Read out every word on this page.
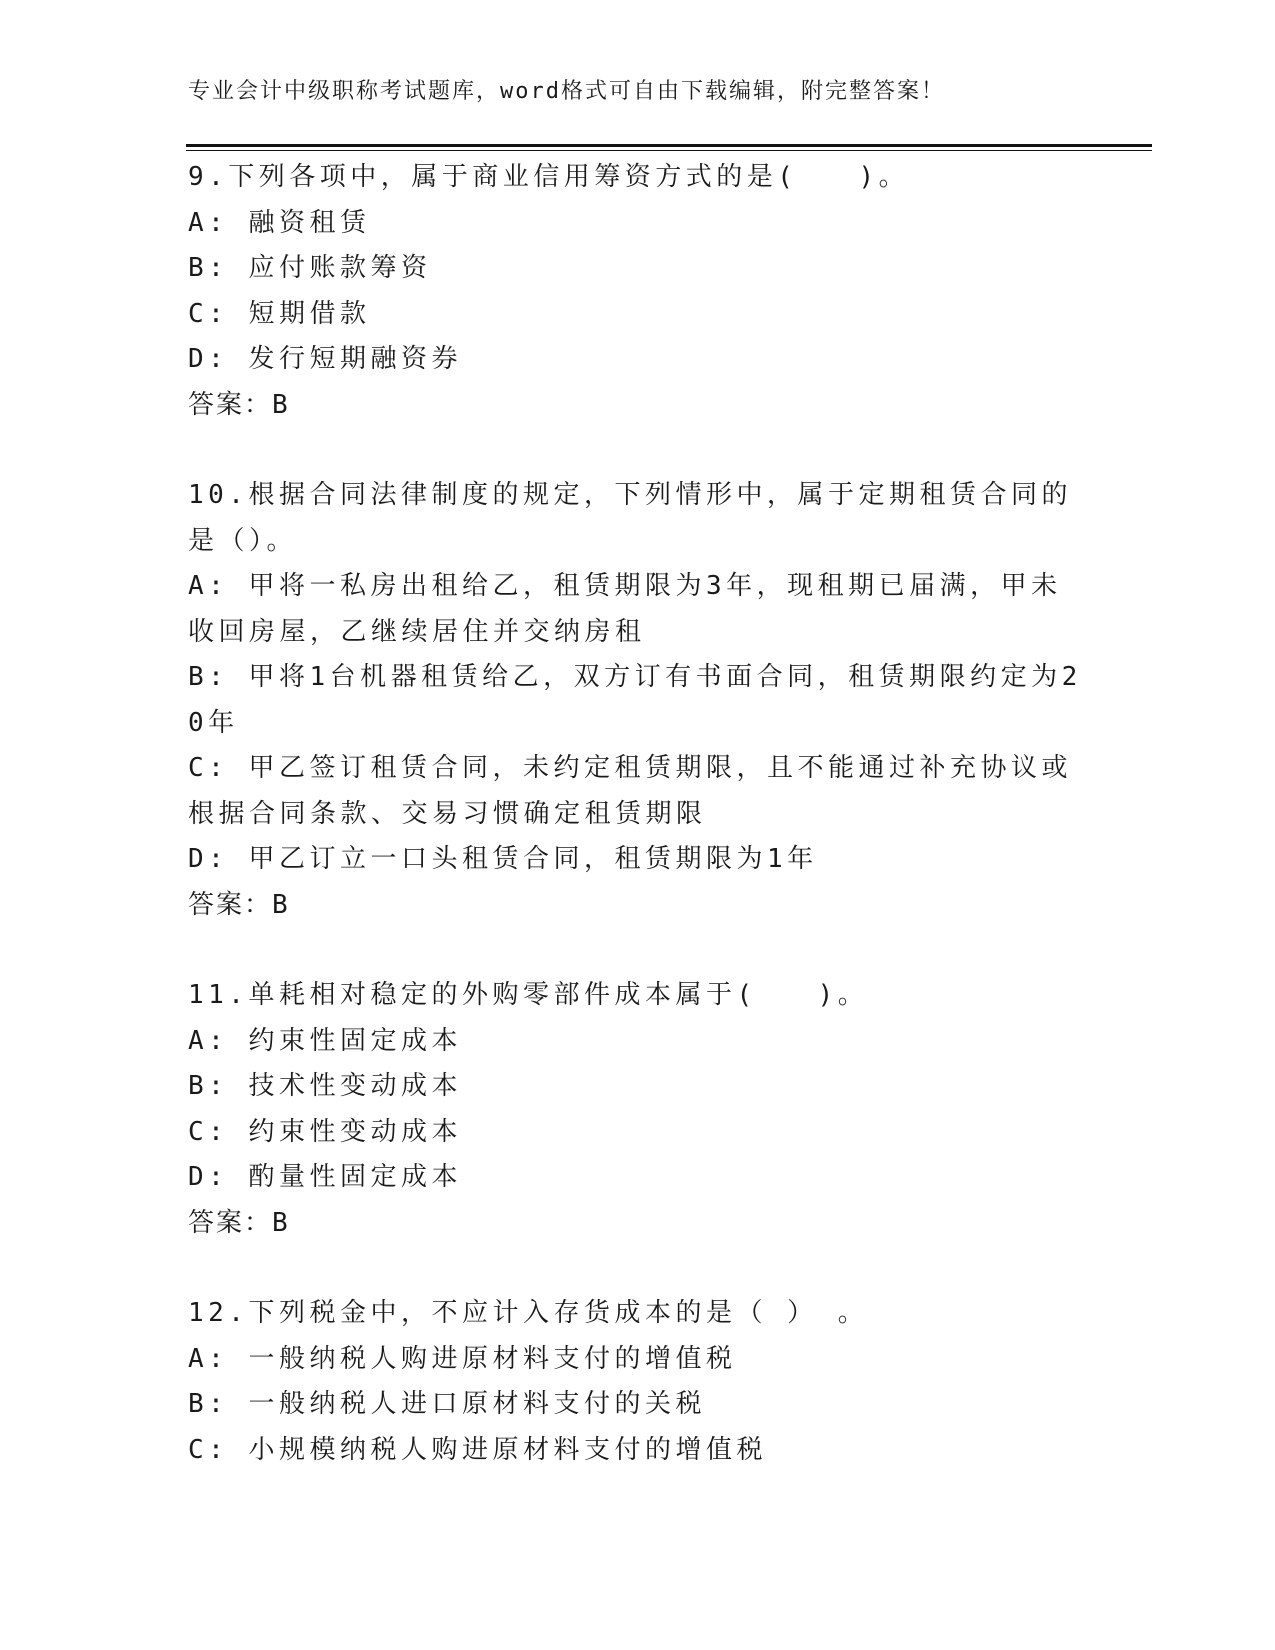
专业会计中级职称考试题库，word格式可自由下载编辑，附完整答案！
9.下列各项中，属于商业信用筹资方式的是(　　)。
A: 融资租赁
B: 应付账款筹资
C: 短期借款
D: 发行短期融资券
答案：B
10.根据合同法律制度的规定，下列情形中，属于定期租赁合同的是（）。
A: 甲将一私房出租给乙，租赁期限为3年，现租期已届满，甲未收回房屋，乙继续居住并交纳房租
B: 甲将1台机器租赁给乙，双方订有书面合同，租赁期限约定为20年
C: 甲乙签订租赁合同，未约定租赁期限，且不能通过补充协议或根据合同条款、交易习惯确定租赁期限
D: 甲乙订立一口头租赁合同，租赁期限为1年
答案：B
11.单耗相对稳定的外购零部件成本属于(　　)。
A: 约束性固定成本
B: 技术性变动成本
C: 约束性变动成本
D: 酌量性固定成本
答案：B
12.下列税金中，不应计入存货成本的是（ ） 。
A: 一般纳税人购进原材料支付的增值税
B: 一般纳税人进口原材料支付的关税
C: 小规模纳税人购进原材料支付的增值税
